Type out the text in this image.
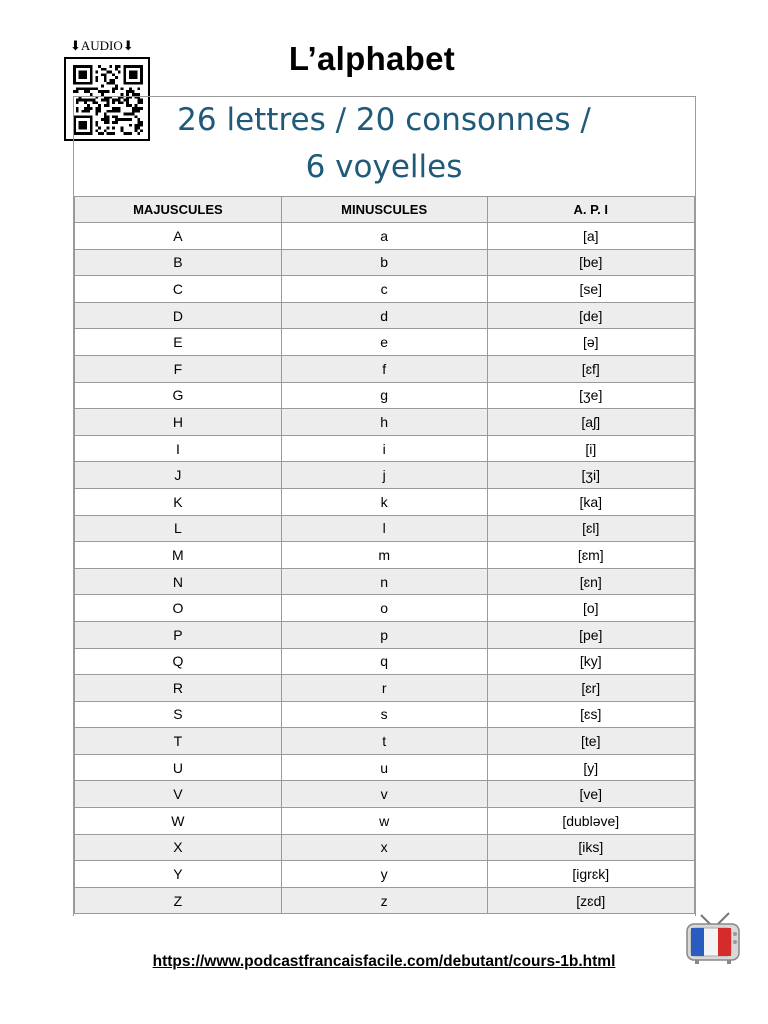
⬇AUDIO⬇	L’alphabet
26 lettres / 20 consonnes /
6 voyelles
MAJUSCULES	MINUSCULES	A. P. I
A	a	[a]
B	b	[be]
C	c	[se]
D	d	[de]
E	e	[ə]
F	f	[ɛf]
G	g	[ʒe]
H	h	[aʃ]
I	i	[i]
J	j	[ʒi]
K	k	[ka]
L	l	[ɛl]
M	m	[ɛm]
N	n	[ɛn]
O	o	[o]
P	p	[pe]
Q	q	[ky]
R	r	[ɛr]
S	s	[ɛs]
T	t	[te]
U	u	[y]
V	v	[ve]
W	w	[dubləve]
X	x	[iks]
Y	y	[igrɛk]
Z	z	[zɛd]
https://www.podcastfrancaisfacile.com/debutant/cours-1b.html
